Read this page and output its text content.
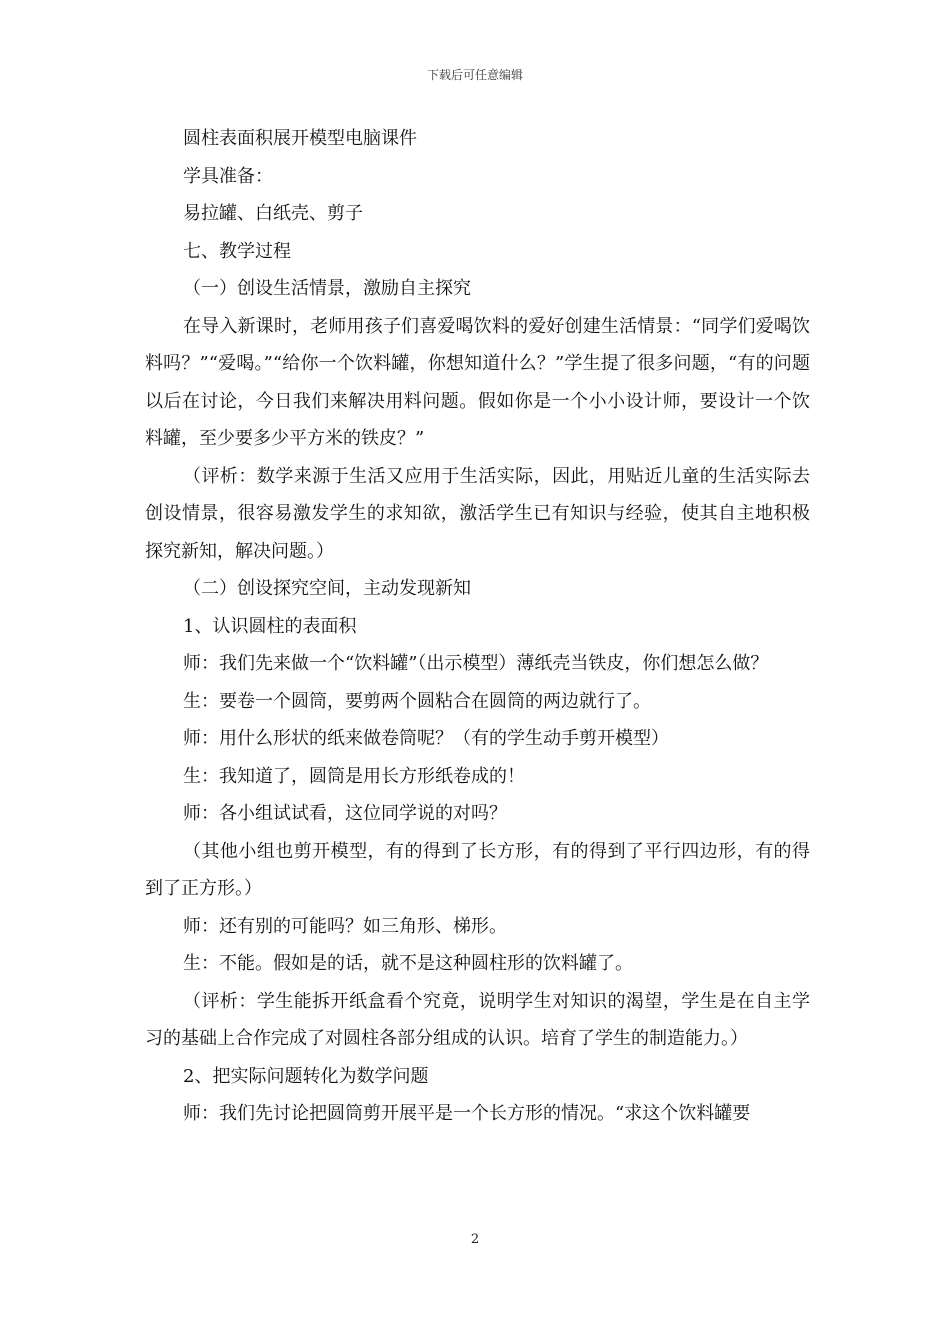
下载后可任意编辑

圆柱表面积展开模型电脑课件

学具准备：

易拉罐、白纸壳、剪子

七、教学过程

（一）创设生活情景，激励自主探究

在导入新课时，老师用孩子们喜爱喝饮料的爱好创建生活情景：“同学们爱喝饮料吗？”“爱喝。”“给你一个饮料罐，你想知道什么？”学生提了很多问题，“有的问题以后在讨论，今日我们来解决用料问题。假如你是一个小小设计师，要设计一个饮料罐，至少要多少平方米的铁皮？”

（评析：数学来源于生活又应用于生活实际，因此，用贴近儿童的生活实际去创设情景，很容易激发学生的求知欲，激活学生已有知识与经验，使其自主地积极探究新知，解决问题。）

（二）创设探究空间，主动发现新知

1、认识圆柱的表面积

师：我们先来做一个“饮料罐”（出示模型）薄纸壳当铁皮，你们想怎么做？

生：要卷一个圆筒，要剪两个圆粘合在圆筒的两边就行了。

师：用什么形状的纸来做卷筒呢？（有的学生动手剪开模型）

生：我知道了，圆筒是用长方形纸卷成的！

师：各小组试试看，这位同学说的对吗？

（其他小组也剪开模型，有的得到了长方形，有的得到了平行四边形，有的得到了正方形。）

师：还有别的可能吗？如三角形、梯形。

生：不能。假如是的话，就不是这种圆柱形的饮料罐了。

（评析：学生能拆开纸盒看个究竟，说明学生对知识的渴望，学生是在自主学习的基础上合作完成了对圆柱各部分组成的认识。培育了学生的制造能力。）

2、把实际问题转化为数学问题

师：我们先讨论把圆筒剪开展平是一个长方形的情况。“求这个饮料罐要

2
